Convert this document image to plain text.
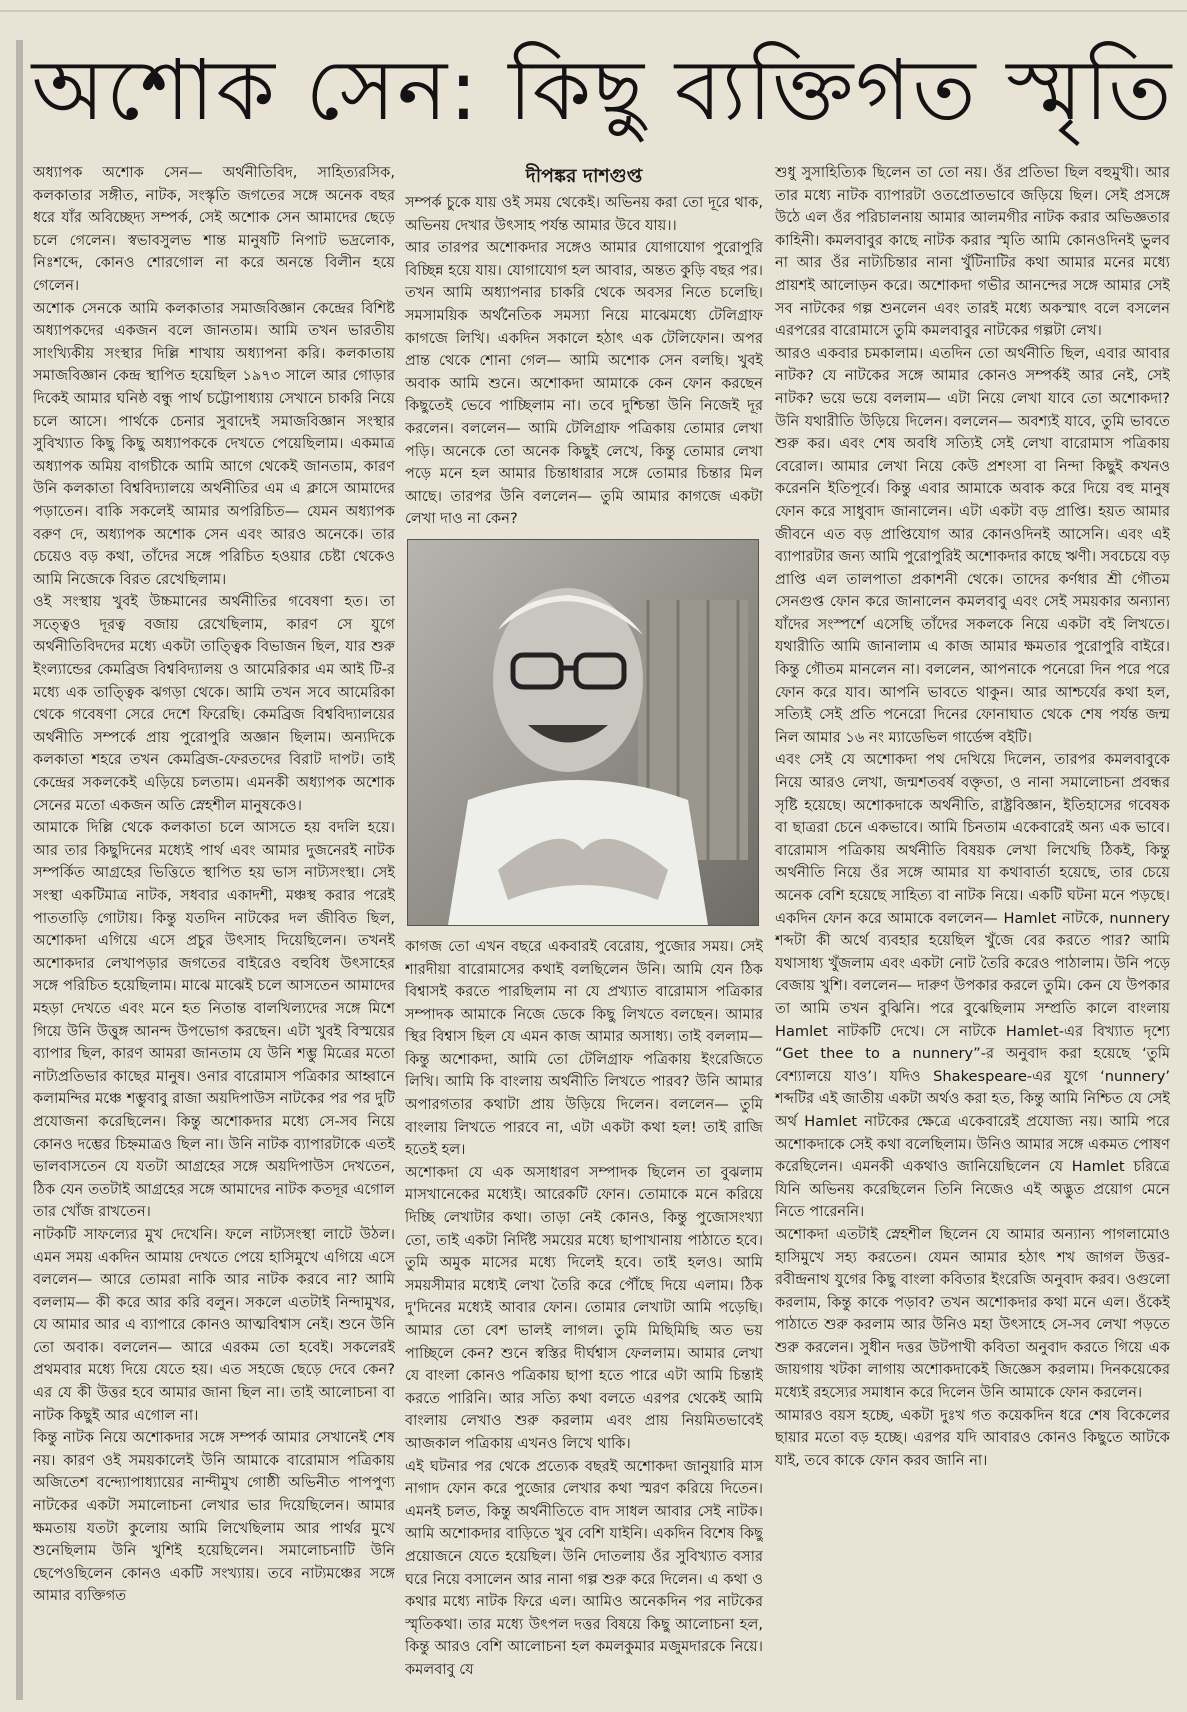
অশোক সেন: কিছু ব্যক্তিগত স্মৃতি

অধ্যাপক অশোক সেন— অর্থনীতিবিদ, সাহিত্যরসিক, কলকাতার সঙ্গীত, নাটক, সংস্কৃতি জগতের সঙ্গে অনেক বছর ধরে যাঁর অবিচ্ছেদ্য সম্পর্ক, সেই অশোক সেন আমাদের ছেড়ে চলে গেলেন। স্বভাবসুলভ শান্ত মানুষটি নিপাট ভদ্রলোক, নিঃশব্দে, কোনও শোরগোল না করে অনন্তে বিলীন হয়ে গেলেন।

অশোক সেনকে আমি কলকাতার সমাজবিজ্ঞান কেন্দ্রের বিশিষ্ট অধ্যাপকদের একজন বলে জানতাম। আমি তখন ভারতীয় সাংখ্যিকীয় সংস্থার দিল্লি শাখায় অধ্যাপনা করি। কলকাতায় সমাজবিজ্ঞান কেন্দ্র স্থাপিত হয়েছিল ১৯৭৩ সালে আর গোড়ার দিকেই আমার ঘনিষ্ঠ বন্ধু পার্থ চট্টোপাধ্যায় সেখানে চাকরি নিয়ে চলে আসে। পার্থকে চেনার সুবাদেই সমাজবিজ্ঞান সংস্থার সুবিখ্যাত কিছু কিছু অধ্যাপককে দেখতে পেয়েছিলাম। একমাত্র অধ্যাপক অমিয় বাগচীকে আমি আগে থেকেই জানতাম, কারণ উনি কলকাতা বিশ্ববিদ্যালয়ে অর্থনীতির এম এ ক্লাসে আমাদের পড়াতেন। বাকি সকলেই আমার অপরিচিত— যেমন অধ্যাপক বরুণ দে, অধ্যাপক অশোক সেন এবং আরও অনেকে। তার চেয়েও বড় কথা, তাঁদের সঙ্গে পরিচিত হওয়ার চেষ্টা থেকেও আমি নিজেকে বিরত রেখেছিলাম।

ওই সংস্থায় খুবই উচ্চমানের অর্থনীতির গবেষণা হত। তা সত্ত্বেও দূরত্ব বজায় রেখেছিলাম, কারণ সে যুগে অর্থনীতিবিদদের মধ্যে একটা তাত্ত্বিক বিভাজন ছিল, যার শুরু ইংল্যান্ডের কেমব্রিজ বিশ্ববিদ্যালয় ও আমেরিকার এম আই টি-র মধ্যে এক তাত্ত্বিক ঝগড়া থেকে। আমি তখন সবে আমেরিকা থেকে গবেষণা সেরে দেশে ফিরেছি। কেমব্রিজ বিশ্ববিদ্যালয়ের অর্থনীতি সম্পর্কে প্রায় পুরোপুরি অজ্ঞান ছিলাম। অন্যদিকে কলকাতা শহরে তখন কেমব্রিজ-ফেরতদের বিরাট দাপট। তাই কেন্দ্রের সকলকেই এড়িয়ে চলতাম। এমনকী অধ্যাপক অশোক সেনের মতো একজন অতি স্নেহশীল মানুষকেও।

আমাকে দিল্লি থেকে কলকাতা চলে আসতে হয় বদলি হয়ে। আর তার কিছুদিনের মধ্যেই পার্থ এবং আমার দুজনেরই নাটক সম্পর্কিত আগ্রহের ভিত্তিতে স্থাপিত হয় ভাস নাট্যসংস্থা। সেই সংস্থা একটিমাত্র নাটক, সধবার একাদশী, মঞ্চস্থ করার পরেই পাততাড়ি গোটায়। কিন্তু যতদিন নাটকের দল জীবিত ছিল, অশোকদা এগিয়ে এসে প্রচুর উৎসাহ দিয়েছিলেন। তখনই অশোকদার লেখাপড়ার জগতের বাইরেও বহুবিধ উৎসাহের সঙ্গে পরিচিত হয়েছিলাম। মাঝে মাঝেই চলে আসতেন আমাদের মহড়া দেখতে এবং মনে হত নিতান্ত বালখিল্যদের সঙ্গে মিশে গিয়ে উনি উত্তুঙ্গ আনন্দ উপভোগ করছেন। এটা খুবই বিস্ময়ের ব্যাপার ছিল, কারণ আমরা জানতাম যে উনি শম্ভু মিত্রের মতো নাট্যপ্রতিভার কাছের মানুষ। ওনার বারোমাস পত্রিকার আহ্বানে কলামন্দির মঞ্চে শম্ভুবাবু রাজা অয়দিপাউস নাটকের পর পর দুটি প্রযোজনা করেছিলেন। কিন্তু অশোকদার মধ্যে সে-সব নিয়ে কোনও দম্ভের চিহ্নমাত্রও ছিল না। উনি নাটক ব্যাপারটাকে এতই ভালবাসতেন যে যতটা আগ্রহের সঙ্গে অয়দিপাউস দেখতেন, ঠিক যেন ততটাই আগ্রহের সঙ্গে আমাদের নাটক কতদূর এগোল তার খোঁজ রাখতেন।

নাটকটি সাফল্যের মুখ দেখেনি। ফলে নাট্যসংস্থা লাটে উঠল। এমন সময় একদিন আমায় দেখতে পেয়ে হাসিমুখে এগিয়ে এসে বললেন— আরে তোমরা নাকি আর নাটক করবে না? আমি বললাম— কী করে আর করি বলুন। সকলে এতটাই নিন্দামুখর, যে আমার আর এ ব্যাপারে কোনও আত্মবিশ্বাস নেই। শুনে উনি তো অবাক। বললেন— আরে এরকম তো হবেই। সকলেরই প্রথমবার মধ্যে দিয়ে যেতে হয়। এত সহজে ছেড়ে দেবে কেন? এর যে কী উত্তর হবে আমার জানা ছিল না। তাই আলোচনা বা নাটক কিছুই আর এগোল না।

কিন্তু নাটক নিয়ে অশোকদার সঙ্গে সম্পর্ক আমার সেখানেই শেষ নয়। কারণ ওই সময়কালেই উনি আমাকে বারোমাস পত্রিকায় অজিতেশ বন্দ্যোপাধ্যায়ের নান্দীমুখ গোষ্ঠী অভিনীত পাপপুণ্য নাটকের একটা সমালোচনা লেখার ভার দিয়েছিলেন। আমার ক্ষমতায় যতটা কুলোয় আমি লিখেছিলাম আর পার্থর মুখে শুনেছিলাম উনি খুশিই হয়েছিলেন। সমালোচনাটি উনি ছেপেওছিলেন কোনও একটি সংখ্যায়। তবে নাট্যমঞ্চের সঙ্গে আমার ব্যক্তিগত

দীপঙ্কর দাশগুপ্ত

সম্পর্ক চুকে যায় ওই সময় থেকেই। অভিনয় করা তো দূরে থাক, অভিনয় দেখার উৎসাহ পর্যন্ত আমার উবে যায়।।

আর তারপর অশোকদার সঙ্গেও আমার যোগাযোগ পুরোপুরি বিচ্ছিন্ন হয়ে যায়। যোগাযোগ হল আবার, অন্তত কুড়ি বছর পর। তখন আমি অধ্যাপনার চাকরি থেকে অবসর নিতে চলেছি। সমসাময়িক অর্থনৈতিক সমস্যা নিয়ে মাঝেমধ্যে টেলিগ্রাফ কাগজে লিখি। একদিন সকালে হঠাৎ এক টেলিফোন। অপর প্রান্ত থেকে শোনা গেল— আমি অশোক সেন বলছি। খুবই অবাক আমি শুনে। অশোকদা আমাকে কেন ফোন করছেন কিছুতেই ভেবে পাচ্ছিলাম না। তবে দুশ্চিন্তা উনি নিজেই দূর করলেন। বললেন— আমি টেলিগ্রাফ পত্রিকায় তোমার লেখা পড়ি। অনেকে তো অনেক কিছুই লেখে, কিন্তু তোমার লেখা পড়ে মনে হল আমার চিন্তাধারার সঙ্গে তোমার চিন্তার মিল আছে। তারপর উনি বললেন— তুমি আমার কাগজে একটা লেখা দাও না কেন?

কাগজ তো এখন বছরে একবারই বেরোয়, পুজোর সময়। সেই শারদীয়া বারোমাসের কথাই বলছিলেন উনি। আমি যেন ঠিক বিশ্বাসই করতে পারছিলাম না যে প্রখ্যাত বারোমাস পত্রিকার সম্পাদক আমাকে নিজে ডেকে কিছু লিখতে বলছেন। আমার স্থির বিশ্বাস ছিল যে এমন কাজ আমার অসাধ্য। তাই বললাম— কিন্তু অশোকদা, আমি তো টেলিগ্রাফ পত্রিকায় ইংরেজিতে লিখি। আমি কি বাংলায় অর্থনীতি লিখতে পারব? উনি আমার অপারগতার কথাটা প্রায় উড়িয়ে দিলেন। বললেন— তুমি বাংলায় লিখতে পারবে না, এটা একটা কথা হল! তাই রাজি হতেই হল।

অশোকদা যে এক অসাধারণ সম্পাদক ছিলেন তা বুঝলাম মাসখানেকের মধ্যেই। আরেকটি ফোন। তোমাকে মনে করিয়ে দিচ্ছি লেখাটার কথা। তাড়া নেই কোনও, কিন্তু পুজোসংখ্যা তো, তাই একটা নির্দিষ্ট সময়ের মধ্যে ছাপাখানায় পাঠাতে হবে। তুমি অমুক মাসের মধ্যে দিলেই হবে। তাই হলও। আমি সময়সীমার মধ্যেই লেখা তৈরি করে পৌঁছে দিয়ে এলাম। ঠিক দু'দিনের মধ্যেই আবার ফোন। তোমার লেখাটা আমি পড়েছি। আমার তো বেশ ভালই লাগল। তুমি মিছিমিছি অত ভয় পাচ্ছিলে কেন? শুনে স্বস্তির দীর্ঘশ্বাস ফেললাম। আমার লেখা যে বাংলা কোনও পত্রিকায় ছাপা হতে পারে এটা আমি চিন্তাই করতে পারিনি। আর সত্যি কথা বলতে এরপর থেকেই আমি বাংলায় লেখাও শুরু করলাম এবং প্রায় নিয়মিতভাবেই আজকাল পত্রিকায় এখনও লিখে থাকি।

এই ঘটনার পর থেকে প্রত্যেক বছরই অশোকদা জানুয়ারি মাস নাগাদ ফোন করে পুজোর লেখার কথা স্মরণ করিয়ে দিতেন। এমনই চলত, কিন্তু অর্থনীতিতে বাদ সাধল আবার সেই নাটক। আমি অশোকদার বাড়িতে খুব বেশি যাইনি। একদিন বিশেষ কিছু প্রয়োজনে যেতে হয়েছিল। উনি দোতলায় ওঁর সুবিখ্যাত বসার ঘরে নিয়ে বসালেন আর নানা গল্প শুরু করে দিলেন। এ কথা ও কথার মধ্যে নাটক ফিরে এল। আমিও অনেকদিন পর নাটকের স্মৃতিকথা। তার মধ্যে উৎপল দত্তর বিষয়ে কিছু আলোচনা হল, কিন্তু আরও বেশি আলোচনা হল কমলকুমার মজুমদারকে নিয়ে। কমলবাবু যে

শুধু সুসাহিত্যিক ছিলেন তা তো নয়। ওঁর প্রতিভা ছিল বহুমুখী। আর তার মধ্যে নাটক ব্যাপারটা ওতপ্রোতভাবে জড়িয়ে ছিল। সেই প্রসঙ্গে উঠে এল ওঁর পরিচালনায় আমার আলমগীর নাটক করার অভিজ্ঞতার কাহিনী। কমলবাবুর কাছে নাটক করার স্মৃতি আমি কোনওদিনই ভুলব না আর ওঁর নাট্যচিন্তার নানা খুঁটিনাটির কথা আমার মনের মধ্যে প্রায়শই আলোড়ন করে। অশোকদা গভীর আনন্দের সঙ্গে আমার সেই সব নাটকের গল্প শুনলেন এবং তারই মধ্যে অকস্মাৎ বলে বসলেন এরপরের বারোমাসে তুমি কমলবাবুর নাটকের গল্পটা লেখ।

আরও একবার চমকালাম। এতদিন তো অর্থনীতি ছিল, এবার আবার নাটক? যে নাটকের সঙ্গে আমার কোনও সম্পর্কই আর নেই, সেই নাটক? ভয়ে ভয়ে বললাম— এটা নিয়ে লেখা যাবে তো অশোকদা? উনি যথারীতি উড়িয়ে দিলেন। বললেন— অবশ্যই যাবে, তুমি ভাবতে শুরু কর। এবং শেষ অবধি সত্যিই সেই লেখা বারোমাস পত্রিকায় বেরোল। আমার লেখা নিয়ে কেউ প্রশংসা বা নিন্দা কিছুই কখনও করেননি ইতিপূর্বে। কিন্তু এবার আমাকে অবাক করে দিয়ে বহু মানুষ ফোন করে সাধুবাদ জানালেন। এটা একটা বড় প্রাপ্তি। হয়ত আমার জীবনে এত বড় প্রাপ্তিযোগ আর কোনওদিনই আসেনি। এবং এই ব্যাপারটার জন্য আমি পুরোপুরিই অশোকদার কাছে ঋণী। সবচেয়ে বড় প্রাপ্তি এল তালপাতা প্রকাশনী থেকে। তাদের কর্ণধার শ্রী গৌতম সেনগুপ্ত ফোন করে জানালেন কমলবাবু এবং সেই সময়কার অন্যান্য যাঁদের সংস্পর্শে এসেছি তাঁদের সকলকে নিয়ে একটা বই লিখতে। যথারীতি আমি জানালাম এ কাজ আমার ক্ষমতার পুরোপুরি বাইরে। কিন্তু গৌতম মানলেন না। বললেন, আপনাকে পনেরো দিন পরে পরে ফোন করে যাব। আপনি ভাবতে থাকুন। আর আশ্চর্যের কথা হল, সত্যিই সেই প্রতি পনেরো দিনের ফোনাঘাত থেকে শেষ পর্যন্ত জন্ম নিল আমার ১৬ নং ম্যাডেভিল গার্ডেন্স বইটি।

এবং সেই যে অশোকদা পথ দেখিয়ে দিলেন, তারপর কমলবাবুকে নিয়ে আরও লেখা, জন্মশতবর্ষ বক্তৃতা, ও নানা সমালোচনা প্রবন্ধর সৃষ্টি হয়েছে। অশোকদাকে অর্থনীতি, রাষ্ট্রবিজ্ঞান, ইতিহাসের গবেষক বা ছাত্ররা চেনে একভাবে। আমি চিনতাম একেবারেই অন্য এক ভাবে। বারোমাস পত্রিকায় অর্থনীতি বিষয়ক লেখা লিখেছি ঠিকই, কিন্তু অর্থনীতি নিয়ে ওঁর সঙ্গে আমার যা কথাবার্তা হয়েছে, তার চেয়ে অনেক বেশি হয়েছে সাহিত্য বা নাটক নিয়ে। একটি ঘটনা মনে পড়ছে। একদিন ফোন করে আমাকে বললেন— Hamlet নাটকে, nunnery শব্দটা কী অর্থে ব্যবহার হয়েছিল খুঁজে বের করতে পার? আমি যথাসাধ্য খুঁজলাম এবং একটা নোট তৈরি করেও পাঠালাম। উনি পড়ে বেজায় খুশি। বললেন— দারুণ উপকার করলে তুমি। কেন যে উপকার তা আমি তখন বুঝিনি। পরে বুঝেছিলাম সম্প্রতি কালে বাংলায় Hamlet নাটকটি দেখে। সে নাটকে Hamlet-এর বিখ্যাত দৃশ্যে “Get thee to a nunnery”-র অনুবাদ করা হয়েছে ‘তুমি বেশ্যালয়ে যাও’। যদিও Shakespeare-এর যুগে ‘nunnery’ শব্দটির এই জাতীয় একটা অর্থও করা হত, কিন্তু আমি নিশ্চিত যে সেই অর্থ Hamlet নাটকের ক্ষেত্রে একেবারেই প্রযোজ্য নয়। আমি পরে অশোকদাকে সেই কথা বলেছিলাম। উনিও আমার সঙ্গে একমত পোষণ করেছিলেন। এমনকী একথাও জানিয়েছিলেন যে Hamlet চরিত্রে যিনি অভিনয় করেছিলেন তিনি নিজেও এই অদ্ভুত প্রয়োগ মেনে নিতে পারেননি।

অশোকদা এতটাই স্নেহশীল ছিলেন যে আমার অন্যান্য পাগলামোও হাসিমুখে সহ্য করতেন। যেমন আমার হঠাৎ শখ জাগল উত্তর- রবীন্দ্রনাথ যুগের কিছু বাংলা কবিতার ইংরেজি অনুবাদ করব। ওগুলো করলাম, কিন্তু কাকে পড়াব? তখন অশোকদার কথা মনে এল। ওঁকেই পাঠাতে শুরু করলাম আর উনিও মহা উৎসাহে সে-সব লেখা পড়তে শুরু করলেন। সুধীন দত্তর উটপাখী কবিতা অনুবাদ করতে গিয়ে এক জায়গায় খটকা লাগায় অশোকদাকেই জিজ্ঞেস করলাম। দিনকয়েকের মধ্যেই রহস্যের সমাধান করে দিলেন উনি আমাকে ফোন করলেন।

আমারও বয়স হচ্ছে, একটা দুঃখ গত কয়েকদিন ধরে শেষ বিকেলের ছায়ার মতো বড় হচ্ছে। এরপর যদি আবারও কোনও কিছুতে আটকে যাই, তবে কাকে ফোন করব জানি না।
